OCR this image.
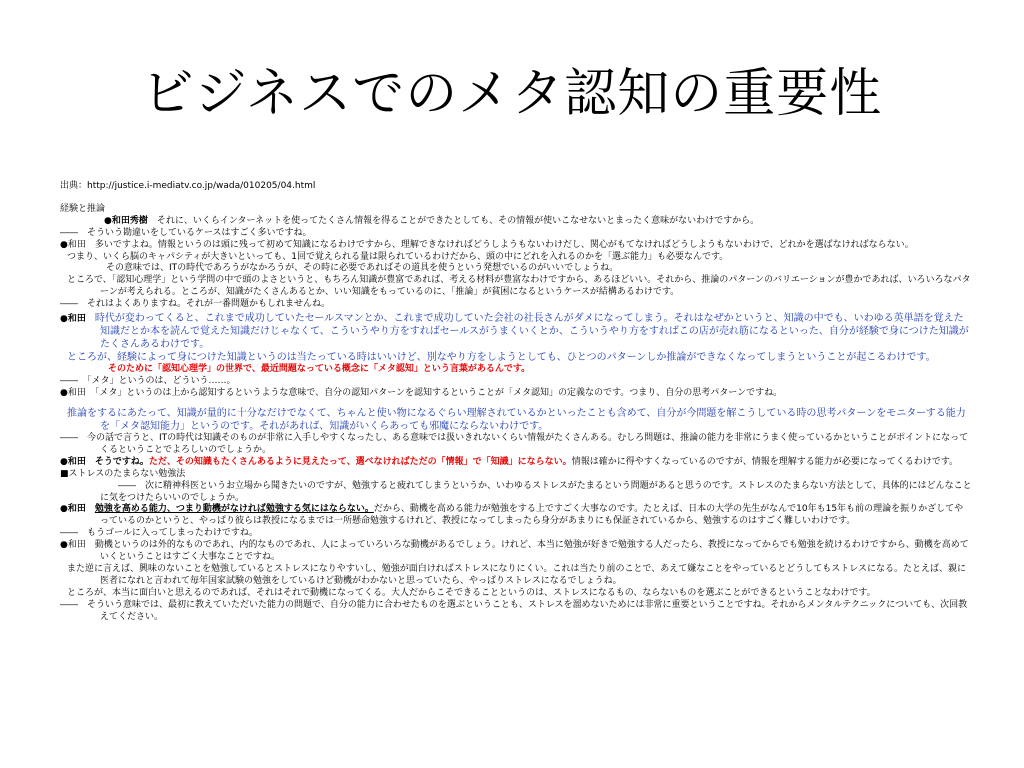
ビジネスでのメタ認知の重要性

出典：http://justice.i-mediatv.co.jp/wada/010205/04.html

経験と推論

●和田秀樹　 それに、いくらインターネットを使ってたくさん情報を得ることができたとしても、その情報が使いこなせないとまったく意味がないわけですから。

――　そういう勘違いをしているケースはすごく多いですね。

●和田　多いですよね。情報というのは頭に残って初めて知識になるわけですから、理解できなければどうしようもないわけだし、関心がもてなければどうしようもないわけで、どれかを選ばなければならない。

つまり、いくら脳のキャパシティが大きいといっても、1回で覚えられる量は限られているわけだから、頭の中にどれを入れるのかを「選ぶ能力」も必要なんです。

その意味では、ITの時代であろうがなかろうが、その時に必要であればその道具を使うという発想でいるのがいいでしょうね。

ところで、「認知心理学」という学問の中で頭のよさというと、もちろん知識が豊富であれば、考える材料が豊富なわけですから、あるほどいい。それから、推論のパターンのバリエーションが豊かであれば、いろいろなパターンが考えられる。ところが、知識がたくさんあるとか、いい知識をもっているのに、「推論」が貧困になるというケースが結構あるわけです。

――　それはよくありますね。それが一番問題かもしれませんね。

●和田　 時代が変わってくると、これまで成功していたセールスマンとか、これまで成功していた会社の社長さんがダメになってしまう。それはなぜかというと、知識の中でも、いわゆる英単語を覚えた知識だとか本を読んで覚えた知識だけじゃなくて、こういうやり方をすればセールスがうまくいくとか、こういうやり方をすればこの店が売れ筋になるといった、自分が経験で身につけた知識がたくさんあるわけです。

ところが、経験によって身につけた知識というのは当たっている時はいいけど、別なやり方をしようとしても、ひとつのパターンしか推論ができなくなってしまうということが起こるわけです。

そのために「認知心理学」の世界で、最近問題なっている概念に「メタ認知」という言葉があるんです。

――　「メタ」というのは、どういう……。

●和田　「メタ」というのは上から認知するというような意味で、自分の認知パターンを認知するということが「メタ認知」の定義なのです。つまり、自分の思考パターンですね。

推論をするにあたって、知識が量的に十分なだけでなくて、ちゃんと使い物になるぐらい理解されているかといったことも含めて、自分が今問題を解こうしている時の思考パターンをモニターする能力を「メタ認知能力」というのです。それがあれば、知識がいくらあっても邪魔にならないわけです。

――　今の話で言うと、ITの時代は知識そのものが非常に入手しやすくなったし、ある意味では扱いきれないくらい情報がたくさんある。むしろ問題は、推論の能力を非常にうまく使っているかということがポイントになってくるということでよろしいのでしょうか。

●和田　そうですね。ただ、その知識もたくさんあるように見えたって、選べなければただの「情報」で「知識」にならない。情報は確かに得やすくなっているのですが、情報を理解する能力が必要になってくるわけです。

■ストレスのたまらない勉強法

――　次に精神科医というお立場から聞きたいのですが、勉強すると疲れてしまうというか、いわゆるストレスがたまるという問題があると思うのです。ストレスのたまらない方法として、具体的にはどんなことに気をつけたらいいのでしょうか。

●和田　勉強を高める能力、つまり動機がなければ勉強する気にはならない。だから、動機を高める能力が勉強をする上ですごく大事なのです。たとえば、日本の大学の先生がなんで10年も15年も前の理論を振りかざしてやっているのかというと、やっぱり彼らは教授になるまでは一所懸命勉強するけれど、教授になってしまったら身分があまりにも保証されているから、勉強するのはすごく難しいわけです。

――　もうゴールに入ってしまったわけですね。

●和田　動機というのは外的なものであれ、内的なものであれ、人によっていろいろな動機があるでしょう。けれど、本当に勉強が好きで勉強する人だったら、教授になってからでも勉強を続けるわけですから、動機を高めていくということはすごく大事なことですね。

また逆に言えば、興味のないことを勉強しているとストレスになりやすいし、勉強が面白ければストレスになりにくい。これは当たり前のことで、あえて嫌なことをやっているとどうしてもストレスになる。たとえば、親に医者になれと言われて毎年国家試験の勉強をしているけど動機がわかないと思っていたら、やっぱりストレスになるでしょうね。

ところが、本当に面白いと思えるのであれば、それはそれで動機になってくる。大人だからこそできることというのは、ストレスになるもの、ならないものを選ぶことができるということなわけです。

――　そういう意味では、最初に教えていただいた能力の問題で、自分の能力に合わせたものを選ぶということも、ストレスを溜めないためには非常に重要ということですね。それからメンタルテクニックについても、次回教えてください。
